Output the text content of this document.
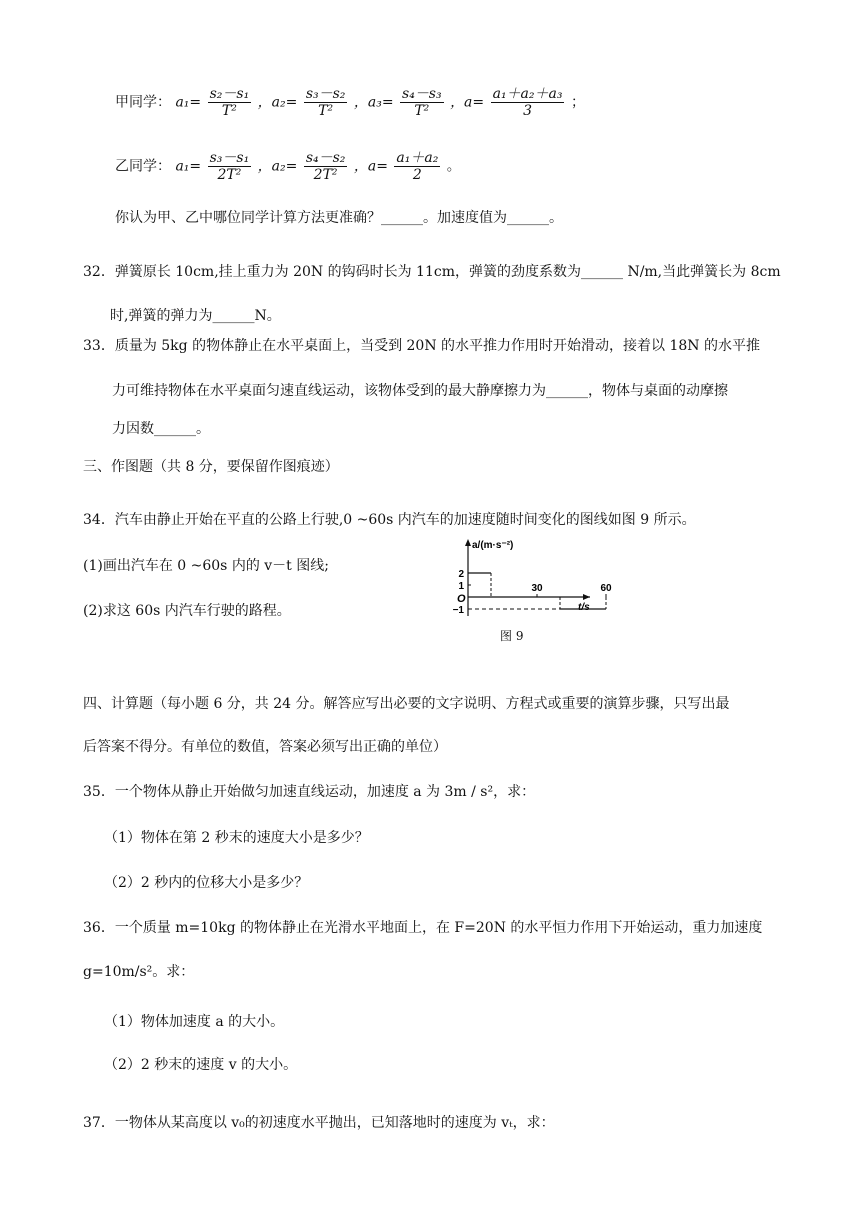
甲同学： $a_1= \frac{\text{s₂－s₁}}{\text{T²}}$ ，$a_2= \frac{\text{s₃－s₂}}{\text{T²}}$ ，$a_3= \frac{\text{s₄－s₃}}{\text{T²}}$ ，$a= \frac{\text{a₁＋a₂＋a₃}}{3}$ ；
乙同学： $a_1= \frac{\text{s₃－s₁}}{\text{2T²}}$ ，$a_2= \frac{\text{s₄－s₂}}{\text{2T²}}$ ，$a= \frac{\text{a₁＋a₂}}{2}$ 。
你认为甲、乙中哪位同学计算方法更准确？______。加速度值为______。
32．弹簧原长 10cm,挂上重力为 20N 的钩码时长为 11cm，弹簧的劲度系数为______ N/m,当此弹簧长为 8cm
时,弹簧的弹力为______N。
33．质量为 5kg 的物体静止在水平桌面上，当受到 20N 的水平推力作用时开始滑动，接着以 18N 的水平推
力可维持物体在水平桌面匀速直线运动，该物体受到的最大静摩擦力为______，物体与桌面的动摩擦
力因数______。
三、作图题（共 8 分，要保留作图痕迹）
34．汽车由静止开始在平直的公路上行驶,0 ~60s 内汽车的加速度随时间变化的图线如图 9 所示。
(1)画出汽车在 0 ~60s 内的 v－t 图线;
(2)求这 60s 内汽车行驶的路程。
a/(m·s⁻²)
t/s
O
2
1
−1
30	60
图 9
四、计算题（每小题 6 分，共 24 分。解答应写出必要的文字说明、方程式或重要的演算步骤，只写出最
后答案不得分。有单位的数值，答案必须写出正确的单位）
35．一个物体从静止开始做匀加速直线运动，加速度 a 为 3m / s²，求：
（1）物体在第 2 秒末的速度大小是多少？
（2）2 秒内的位移大小是多少？
36．一个质量 m=10kg 的物体静止在光滑水平地面上，在 F=20N 的水平恒力作用下开始运动，重力加速度
g=10m/s²。求：
（1）物体加速度 a 的大小。
（2）2 秒末的速度 v 的大小。
37．一物体从某高度以 v₀的初速度水平抛出，已知落地时的速度为 vₜ，求：
